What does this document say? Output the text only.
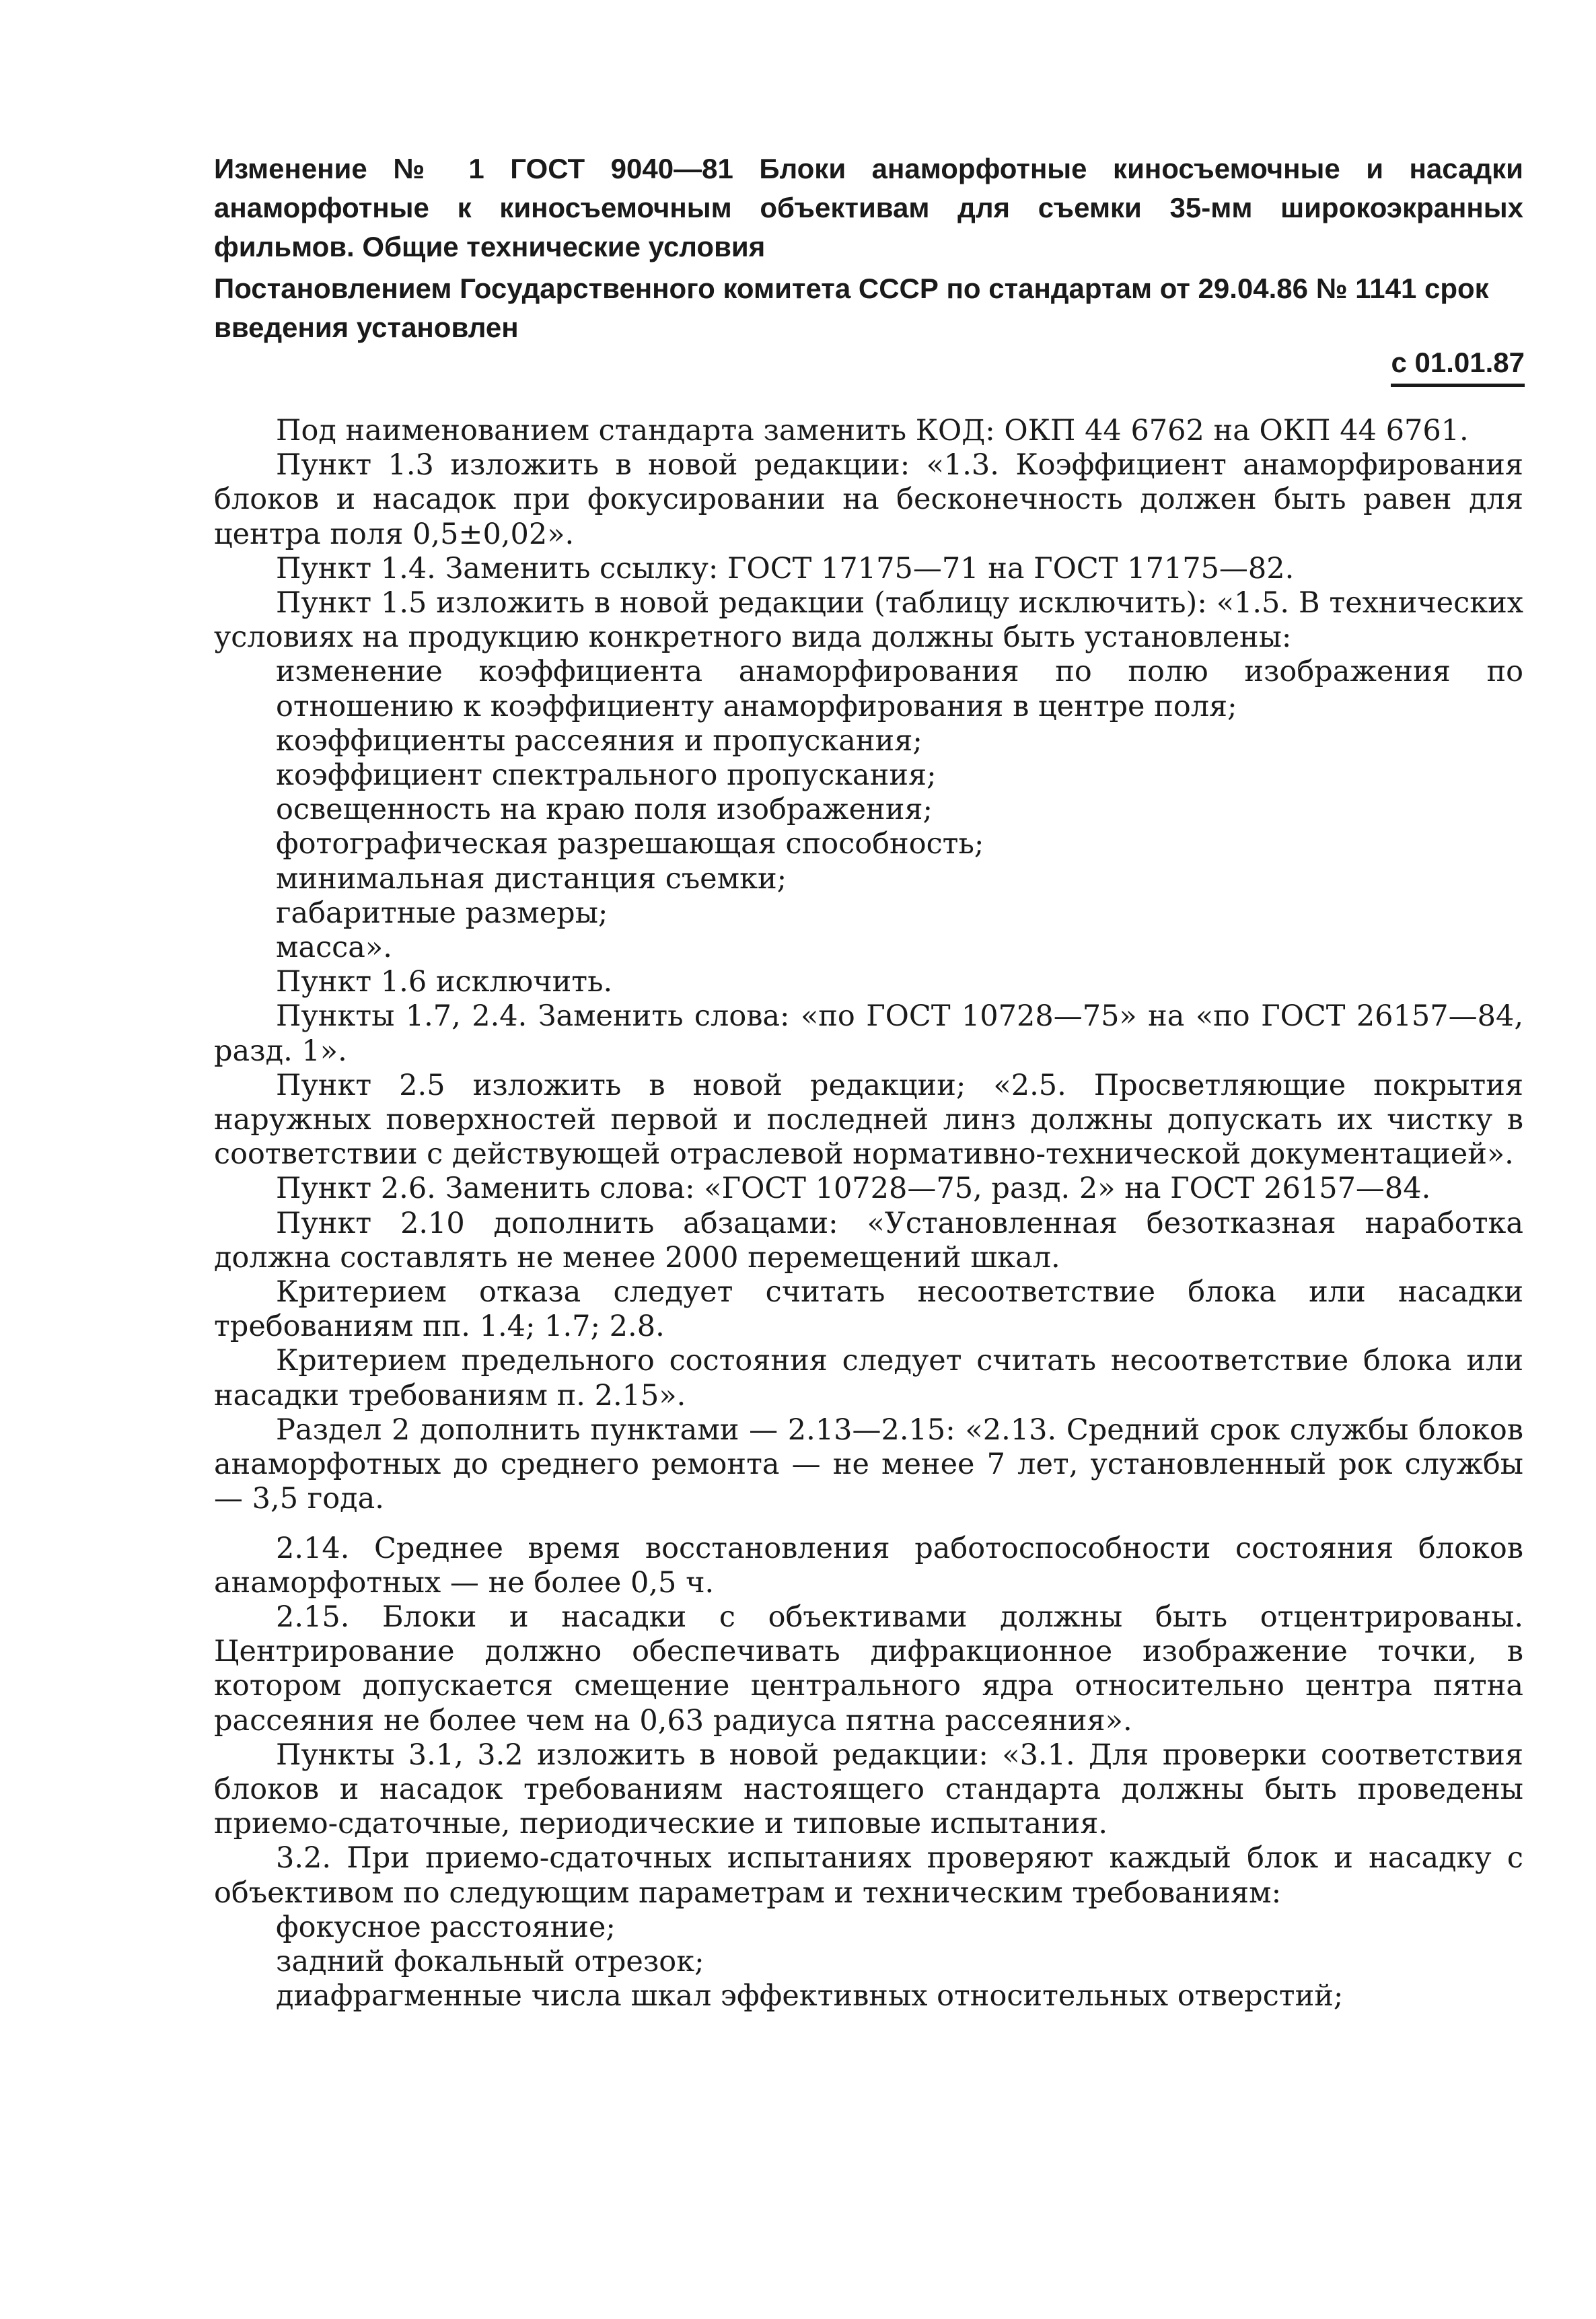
Изменение № 1 ГОСТ 9040—81 Блоки анаморфотные киносъемочные и насадки анаморфотные к киносъемочным объективам для съемки 35-мм широкоэкранных фильмов. Общие технические условия
Постановлением Государственного комитета СССР по стандартам от 29.04.86 № 1141 срок введения установлен
с 01.01.87

Под наименованием стандарта заменить КОД: ОКП 44 6762 на ОКП 44 6761.

Пункт 1.3 изложить в новой редакции: «1.3. Коэффициент анаморфирования блоков и насадок при фокусировании на бесконечность должен быть равен для центра поля 0,5±0,02».

Пункт 1.4. Заменить ссылку: ГОСТ 17175—71 на ГОСТ 17175—82.

Пункт 1.5 изложить в новой редакции (таблицу исключить): «1.5. В технических условиях на продукцию конкретного вида должны быть установлены:

изменение коэффициента анаморфирования по полю изображения по отношению к коэффициенту анаморфирования в центре поля;

коэффициенты рассеяния и пропускания;

коэффициент спектрального пропускания;

освещенность на краю поля изображения;

фотографическая разрешающая способность;

минимальная дистанция съемки;

габаритные размеры;

масса».

Пункт 1.6 исключить.

Пункты 1.7, 2.4. Заменить слова: «по ГОСТ 10728—75» на «по ГОСТ 26157—84, разд. 1».

Пункт 2.5 изложить в новой редакции; «2.5. Просветляющие покрытия наружных поверхностей первой и последней линз должны допускать их чистку в соответствии с действующей отраслевой нормативно-технической документацией».

Пункт 2.6. Заменить слова: «ГОСТ 10728—75, разд. 2» на ГОСТ 26157—84.

Пункт 2.10 дополнить абзацами: «Установленная безотказная наработка должна составлять не менее 2000 перемещений шкал.

Критерием отказа следует считать несоответствие блока или насадки требованиям пп. 1.4; 1.7; 2.8.

Критерием предельного состояния следует считать несоответствие блока или насадки требованиям п. 2.15».

Раздел 2 дополнить пунктами — 2.13—2.15: «2.13. Средний срок службы блоков анаморфотных до среднего ремонта — не менее 7 лет, установленный рок службы — 3,5 года.

2.14. Среднее время восстановления работоспособности состояния блоков анаморфотных — не более 0,5 ч.

2.15. Блоки и насадки с объективами должны быть отцентрированы. Центрирование должно обеспечивать дифракционное изображение точки, в котором допускается смещение центрального ядра относительно центра пятна рассеяния не более чем на 0,63 радиуса пятна рассеяния».

Пункты 3.1, 3.2 изложить в новой редакции: «3.1. Для проверки соответствия блоков и насадок требованиям настоящего стандарта должны быть проведены приемо-сдаточные, периодические и типовые испытания.

3.2. При приемо-сдаточных испытаниях проверяют каждый блок и насадку с объективом по следующим параметрам и техническим требованиям:

фокусное расстояние;

задний фокальный отрезок;

диафрагменные числа шкал эффективных относительных отверстий;
